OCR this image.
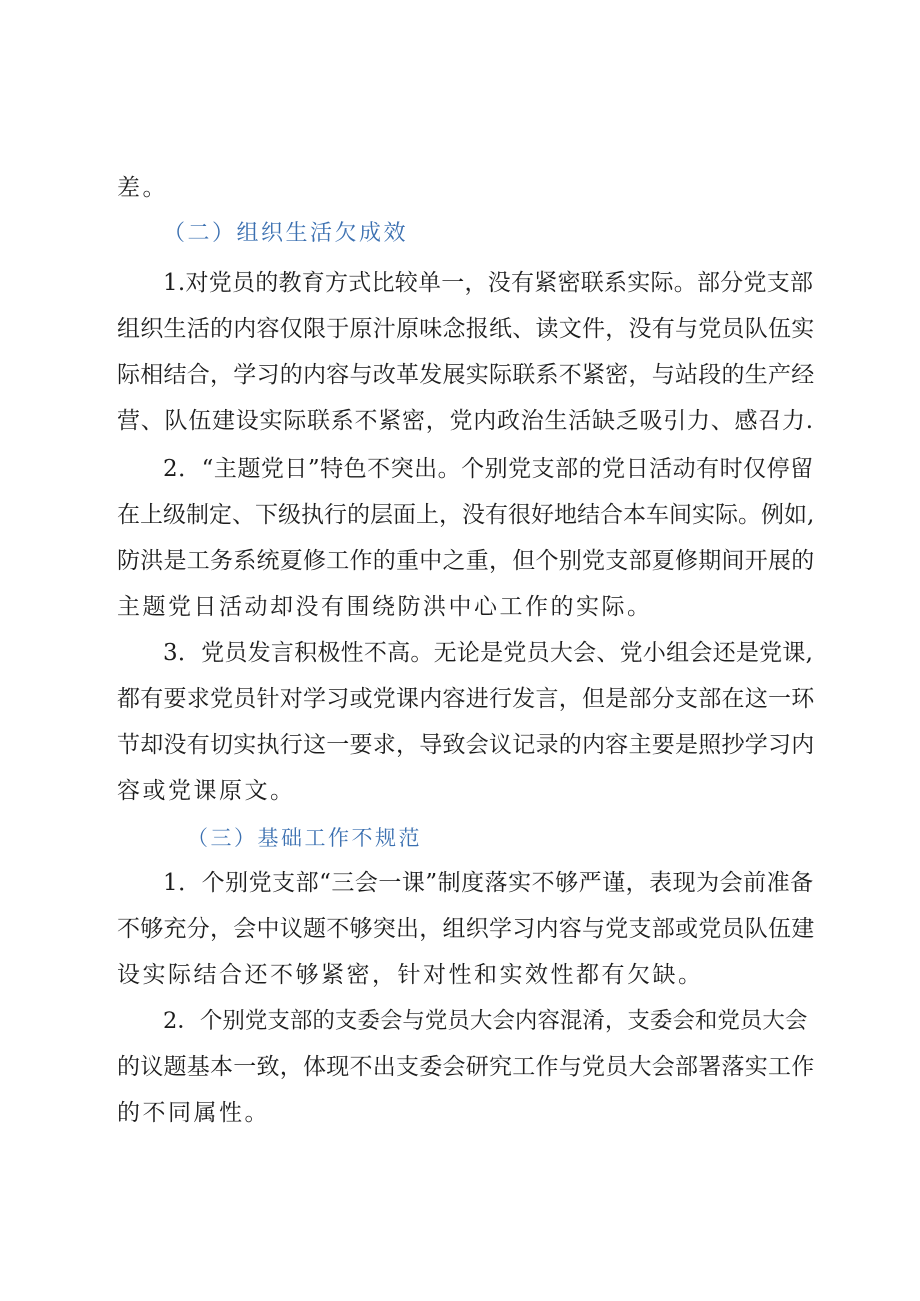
差。
（二）组织生活欠成效
1.对党员的教育方式比较单一，没有紧密联系实际。部分党支部
组织生活的内容仅限于原汁原味念报纸、读文件，没有与党员队伍实
际相结合，学习的内容与改革发展实际联系不紧密，与站段的生产经
营、队伍建设实际联系不紧密，党内政治生活缺乏吸引力、感召力.
2．“主题党日”特色不突出。个别党支部的党日活动有时仅停留
在上级制定、下级执行的层面上，没有很好地结合本车间实际。例如,
防洪是工务系统夏修工作的重中之重，但个别党支部夏修期间开展的
主题党日活动却没有围绕防洪中心工作的实际。
3．党员发言积极性不高。无论是党员大会、党小组会还是党课,
都有要求党员针对学习或党课内容进行发言，但是部分支部在这一环
节却没有切实执行这一要求，导致会议记录的内容主要是照抄学习内
容或党课原文。
（三）基础工作不规范
1．个别党支部“三会一课”制度落实不够严谨，表现为会前准备
不够充分，会中议题不够突出，组织学习内容与党支部或党员队伍建
设实际结合还不够紧密，针对性和实效性都有欠缺。
2．个别党支部的支委会与党员大会内容混淆，支委会和党员大会
的议题基本一致，体现不出支委会研究工作与党员大会部署落实工作
的不同属性。
